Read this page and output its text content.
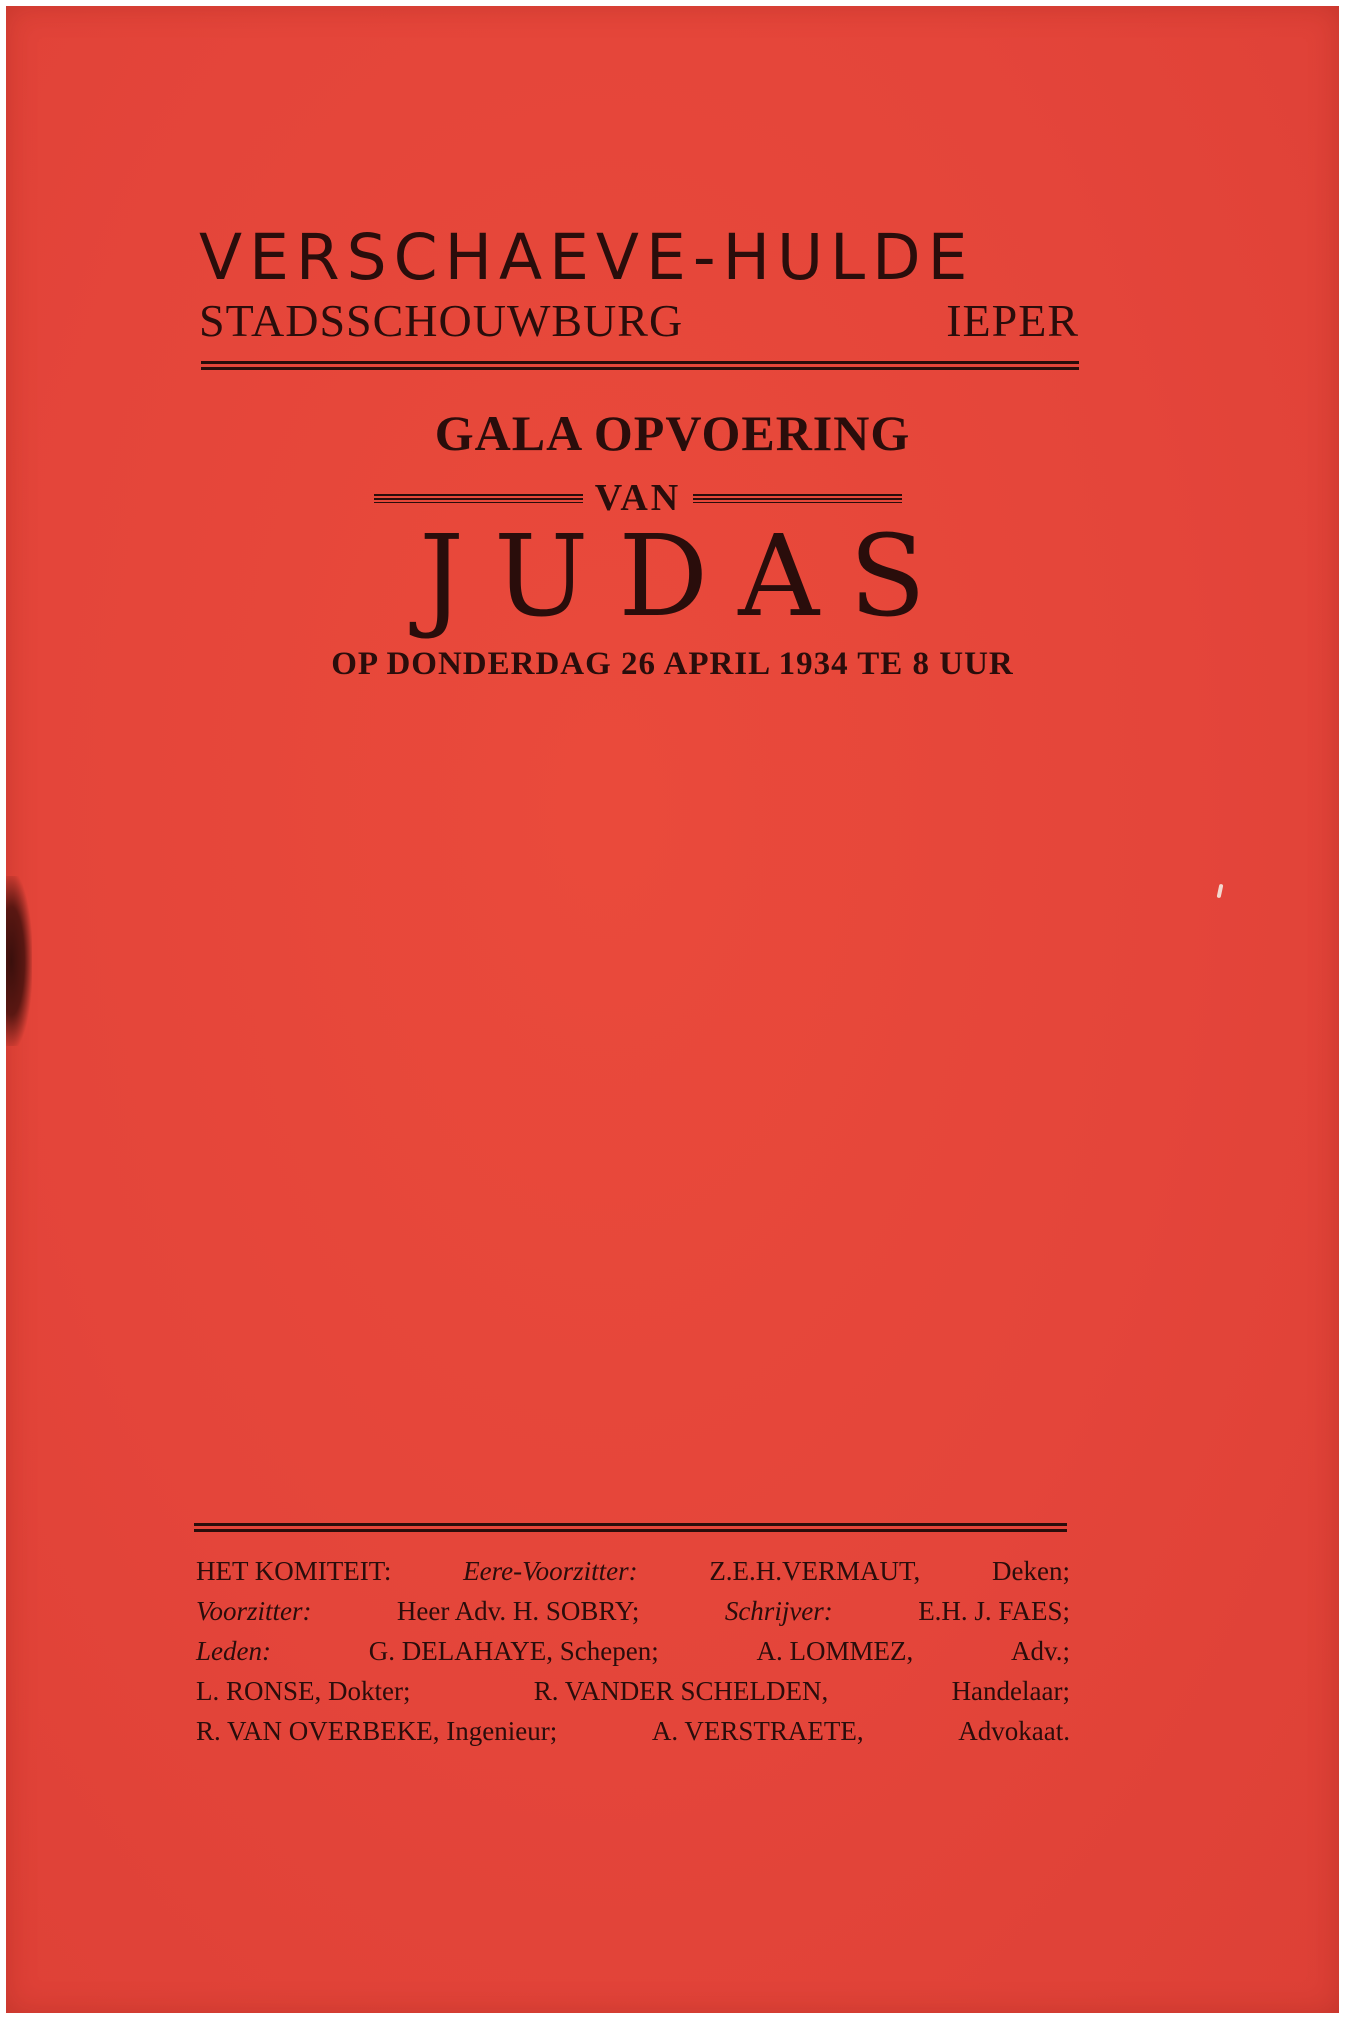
VERSCHAEVE-HULDE
STADSSCHOUWBURG	IEPER
GALA OPVOERING
VAN
JUDAS
OP DONDERDAG 26 APRIL 1934 TE 8 UUR
HET KOMITEIT:	Eere-Voorzitter:	Z.E.H.VERMAUT,	Deken;
Voorzitter:	Heer Adv. H. SOBRY;	Schrijver:	E.H. J. FAES;
Leden:	G. DELAHAYE, Schepen;	A. LOMMEZ,	Adv.;
L. RONSE, Dokter;	R. VANDER SCHELDEN,	Handelaar;
R. VAN OVERBEKE, Ingenieur;	A. VERSTRAETE,	Advokaat.
